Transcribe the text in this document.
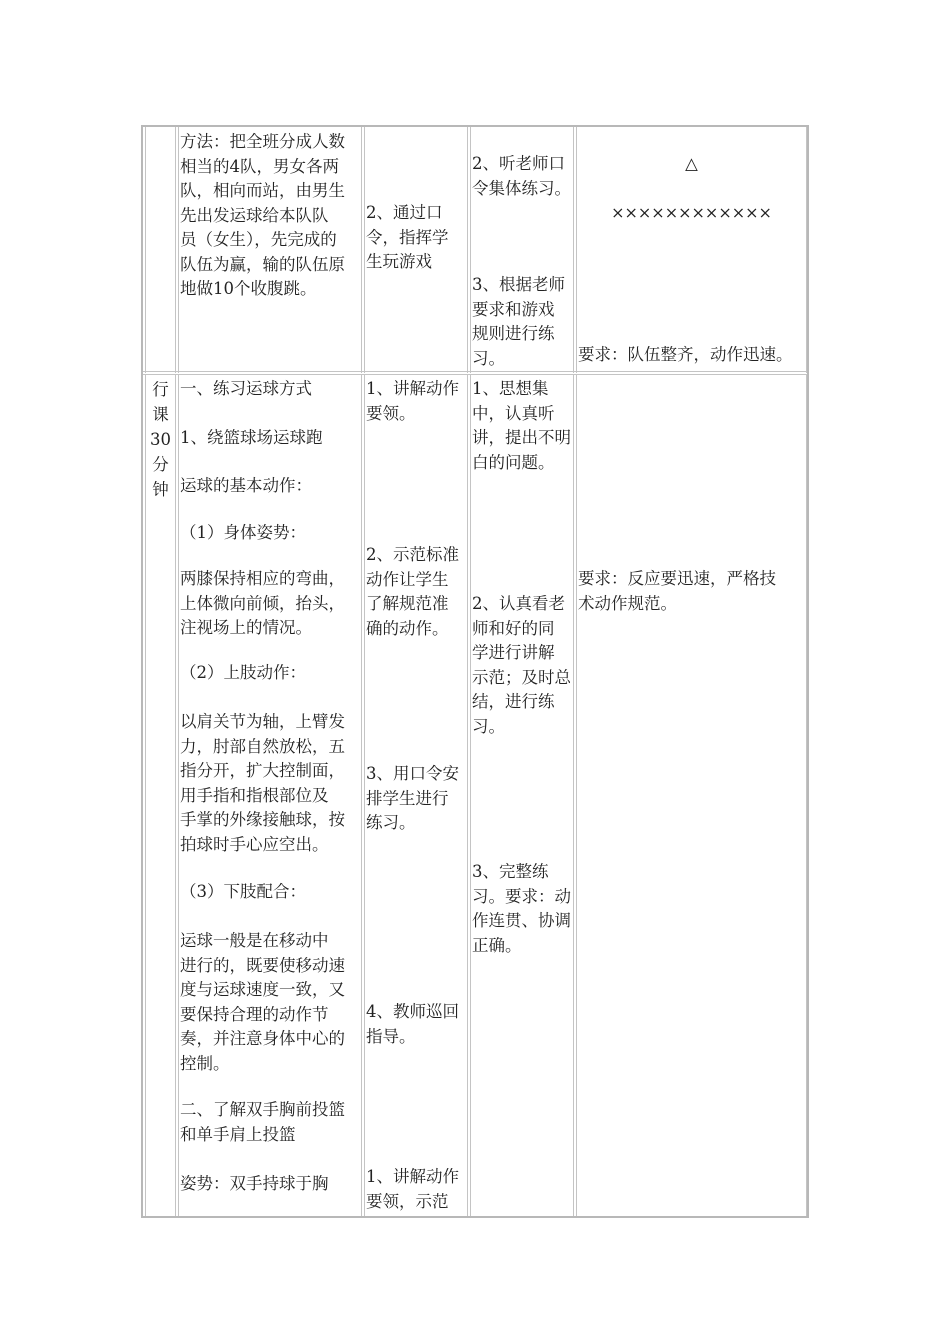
方法：把全班分成人数
相当的4队，男女各两
队，相向而站，由男生
先出发运球给本队队
员（女生），先完成的
队伍为赢，输的队伍原
地做10个收腹跳。
2、通过口
令，指挥学
生玩游戏
2、听老师口
令集体练习。
3、根据老师
要求和游戏
规则进行练
习。
△
××××××××××××
要求：队伍整齐，动作迅速。
行
课
30
分
钟
一、练习运球方式
1、绕篮球场运球跑
运球的基本动作：
（1）身体姿势：
两膝保持相应的弯曲，
上体微向前倾，抬头，
注视场上的情况。
（2）上肢动作：
以肩关节为轴，上臂发
力，肘部自然放松，五
指分开，扩大控制面，
用手指和指根部位及
手掌的外缘接触球，按
拍球时手心应空出。
（3）下肢配合：
运球一般是在移动中
进行的，既要使移动速
度与运球速度一致，又
要保持合理的动作节
奏，并注意身体中心的
控制。
二、了解双手胸前投篮
和单手肩上投篮
姿势：双手持球于胸
1、讲解动作
要领。
2、示范标准
动作让学生
了解规范准
确的动作。
3、用口令安
排学生进行
练习。
4、教师巡回
指导。
1、讲解动作
要领，示范
1、思想集
中，认真听
讲，提出不明
白的问题。
2、认真看老
师和好的同
学进行讲解
示范；及时总
结，进行练
习。
3、完整练
习。要求：动
作连贯、协调
正确。
要求：反应要迅速，严格技
术动作规范。
